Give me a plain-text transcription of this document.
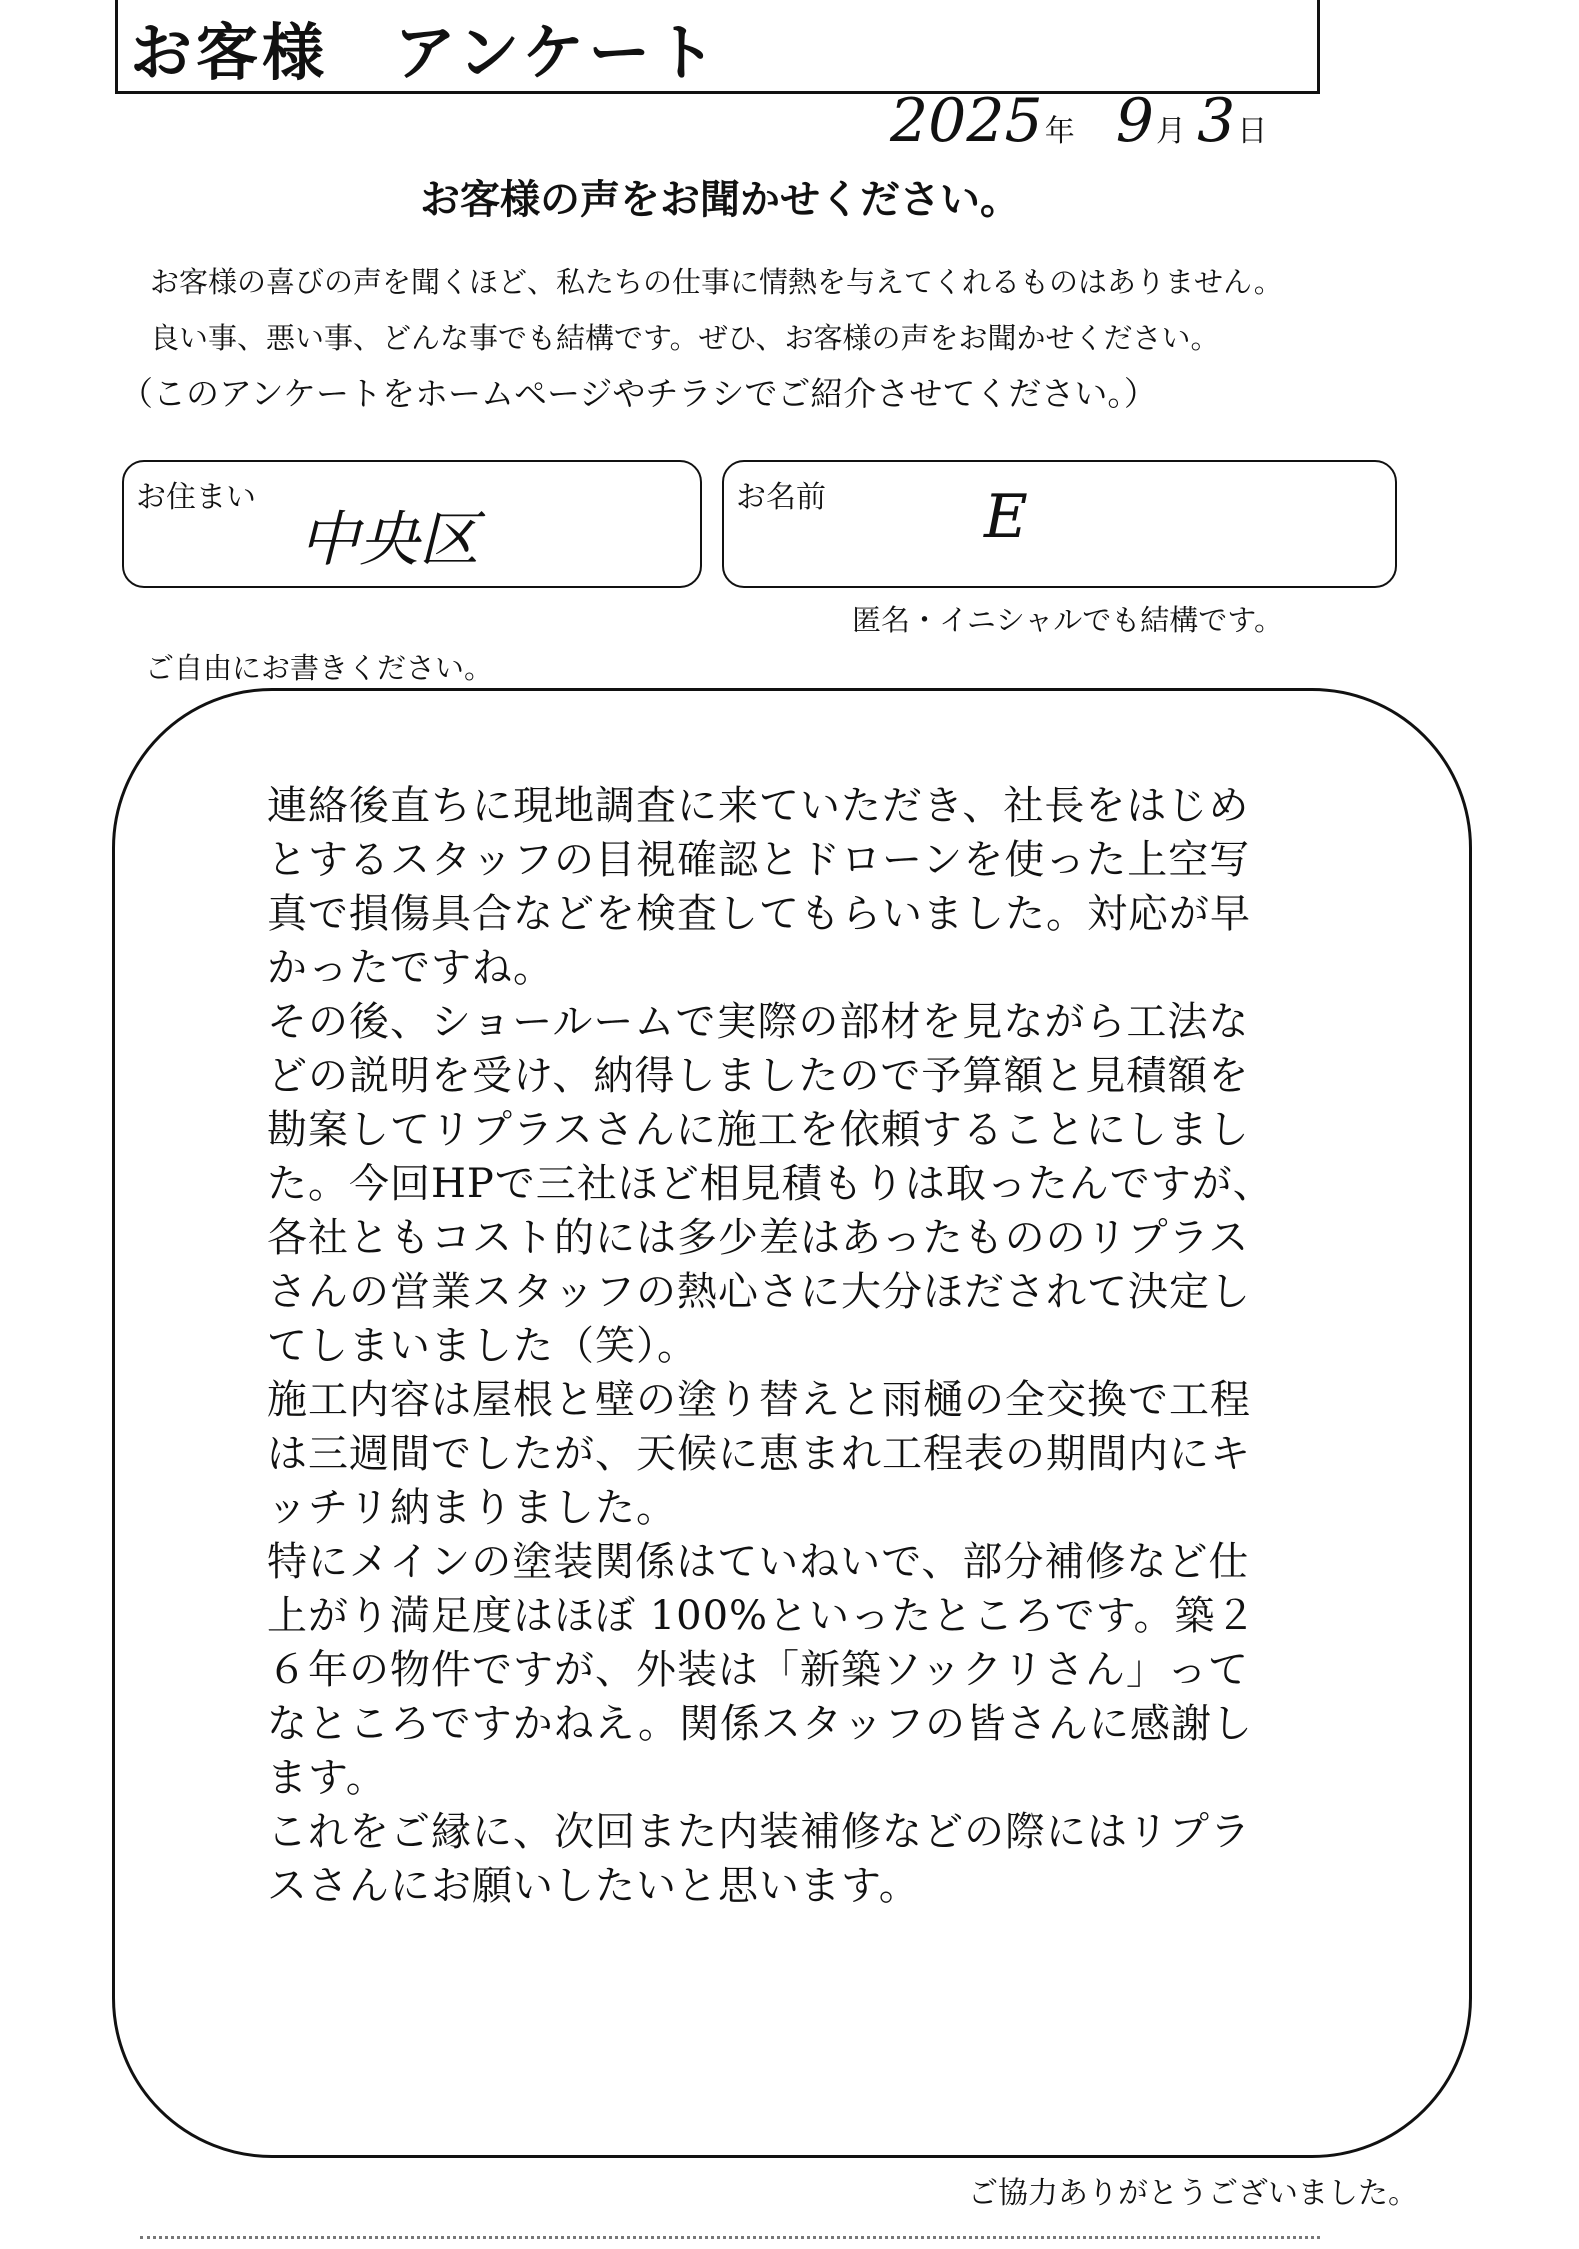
お客様　アンケート
2025年 9月 3日
お客様の声をお聞かせください。
お客様の喜びの声を聞くほど、私たちの仕事に情熱を与えてくれるものはありません。
良い事、悪い事、どんな事でも結構です。ぜひ、お客様の声をお聞かせください。
（このアンケートをホームページやチラシでご紹介させてください。）
お住まい
中央区
お名前	E
匿名・イニシャルでも結構です。
ご自由にお書きください。
連絡後直ちに現地調査に来ていただき、社長をはじめ
とするスタッフの目視確認とドローンを使った上空写
真で損傷具合などを検査してもらいました。対応が早
かったですね。
その後、ショールームで実際の部材を見ながら工法な
どの説明を受け、納得しましたので予算額と見積額を
勘案してリプラスさんに施工を依頼することにしまし
た。今回HPで三社ほど相見積もりは取ったんですが、
各社ともコスト的には多少差はあったもののリプラス
さんの営業スタッフの熱心さに大分ほだされて決定し
てしまいました（笑）。
施工内容は屋根と壁の塗り替えと雨樋の全交換で工程
は三週間でしたが、天候に恵まれ工程表の期間内にキ
ッチリ納まりました。
特にメインの塗装関係はていねいで、部分補修など仕
上がり満足度はほぼ 100%といったところです。築２
６年の物件ですが、外装は「新築ソックリさん」って
なところですかねえ。関係スタッフの皆さんに感謝し
ます。
これをご縁に、次回また内装補修などの際にはリプラ
スさんにお願いしたいと思います。
ご協力ありがとうございました。
